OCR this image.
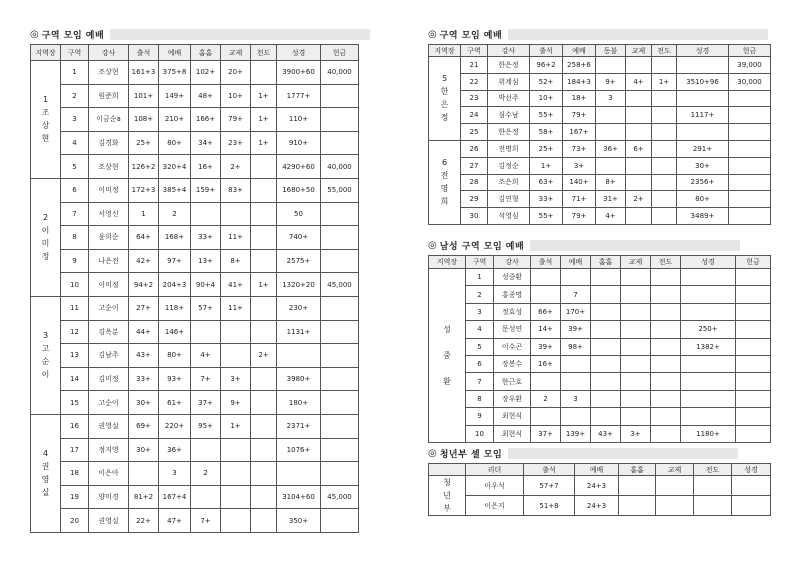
◎ 구역 모임 예배
지역장	구역	강사	출석	예배	홈홈	교제	전도	성경	헌금
1
조
상
현	1	조상현	161+3	375+8	102+	20+		3900+60	40,000
	2	원준희	101+	149+	48+	10+	1+	1777+	
	3	이금순a	108+	210+	166+	79+	1+	110+	
	4	김경화	25+	80+	34+	23+	1+	910+	
	5	조상현	126+2	320+4	16+	2+		4290+60	40,000
2
이
미
정	6	이미정	172+3	385+4	159+	83+		1680+50	55,000
	7	서영신	1	2				50	
	8	윤희순	64+	168+	33+	11+		740+	
	9	나은전	42+	97+	13+	8+		2575+	
	10	이미정	94+2	204+3	90+4	41+	1+	1320+20	45,000
3
고
순
이	11	고순이	27+	118+	57+	11+		230+	
	12	김옥분	44+	146+				1131+	
	13	김남주	43+	80+	4+		2+		
	14	김미정	33+	93+	7+	3+		3980+	
	15	고순이	30+	61+	37+	9+		180+	
4
권
영
실	16	권영실	69+	220+	95+	1+		2371+	
	17	정지영	30+	36+				1076+	
	18	이은아		3	2				
	19	양미경	81+2	167+4				3104+60	45,000
	20	권영실	22+	47+	7+			350+	
◎ 구역 모임 예배
지역장	구역	강사	출석	예배	동불	교제	전도	성경	헌금
5
한
은
정	21	한은정	96+2	258+6					39,000
	22	위계심	52+	184+3	9+	4+	1+	3510+96	30,000
	23	박선주	10+	18+	3				
	24	심수남	55+	79+				1117+	
	25	한은정	58+	167+					
6
전
명
희	26	전명희	25+	73+	36+	6+		291+	
	27	김정순	1+	3+				30+	
	28	조은희	63+	140+	8+			2356+	
	29	김연형	33+	71+	31+	2+		80+	
	30	석영심	55+	79+	4+			3489+	
◎ 남성 구역 모임 예배
지역장	구역	강사	출석	예배	홈홈	교제	전도	성경	헌금
성

중

환	1	성중환							
	2	홍종명		7					
	3	정효성	66+	170+					
	4	문성연	14+	39+				250+	
	5	이수곤	39+	98+				1382+	
	6	장봉수	16+						
	7	한근호							
	8	장우환	2	3					
	9	최현식							
	10	최현식	37+	139+	43+	3+		1180+	
◎ 청년부 셀 모임
	리더	출석	예배	홈홈	교제	전도	성경
청
년
부	이우석	57+7	24+3				
	이은지	51+8	24+3				
